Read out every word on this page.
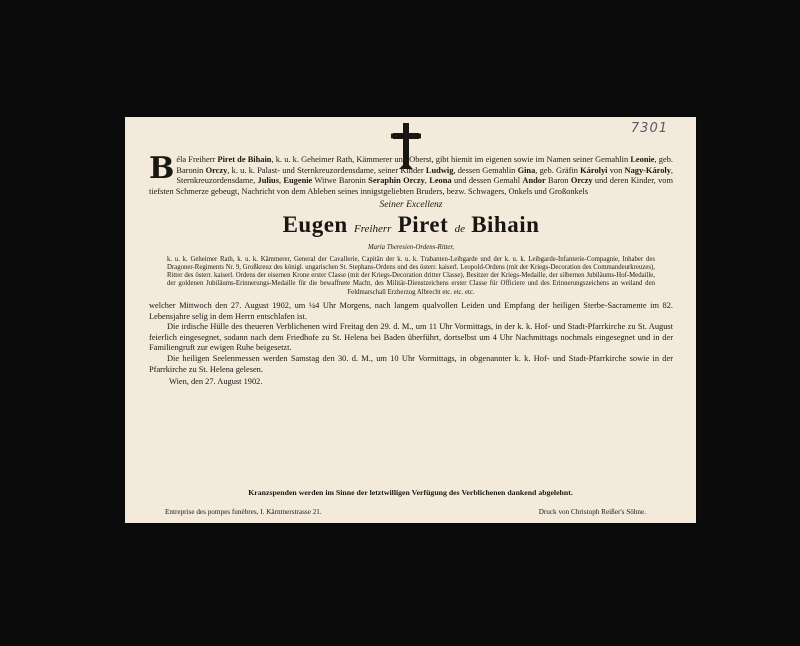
7301

B éla Freiherr Piret de Bihain, k. u. k. Geheimer Rath, Kämmerer und Oberst, gibt hiemit im eigenen sowie im Namen seiner Gemahlin Leonie, geb. Baronin Orczy, k. u. k. Palast- und Sternkreuzordensdame, seiner Kinder Ludwig, dessen Gemahlin Gina, geb. Gräfin Károlyi von Nagy-Károly, Sternkreuzordensdame, Julius, Eugenie Witwe Baronin Seraphin Orczy, Leona und dessen Gemahl Andor Baron Orczy und deren Kinder, vom tiefsten Schmerze gebeugt, Nachricht von dem Ableben seines innigstgeliebten Bruders, bezw. Schwagers, Onkels und Großonkels

Seiner Excellenz
Eugen Freiherr Piret de Bihain
Maria Theresien-Ordens-Ritter,
k. u. k. Geheimer Rath, k. u. k. Kämmerer, General der Cavallerie, Capitän der k. u. k. Trabanten-Leibgarde und der k. u. k. Leibgarde-Infanterie-Compagnie, Inhaber des Dragoner-Regiments Nr. 9, Großkreuz des königl. ungarischen St. Stephans-Ordens und des österr. kaiserl. Leopold-Ordens (mit der Kriegs-Decoration des Commandeurkreuzes), Ritter des österr. kaiserl. Ordens der eisernen Krone erster Classe (mit der Kriegs-Decoration dritter Classe), Besitzer der Kriegs-Medaille, der silbernen Jubiläums-Hof-Medaille, der goldenen Jubiläums-Erinnerungs-Medaille für die bewaffnete Macht, des Militär-Dienstzeichens erster Classe für Officiere und des Erinnerungszeichens an weiland den Feldmarschall Erzherzog Albrecht etc. etc. etc.

welcher Mittwoch den 27. August 1902, um ¼4 Uhr Morgens, nach langem qualvollen Leiden und Empfang der heiligen Sterbe-Sacramente im 82. Lebensjahre selig in dem Herrn entschlafen ist.

Die irdische Hülle des theueren Verblichenen wird Freitag den 29. d. M., um 11 Uhr Vormittags, in der k. k. Hof- und Stadt-Pfarrkirche zu St. August feierlich eingesegnet, sodann nach dem Friedhofe zu St. Helena bei Baden überführt, dortselbst um 4 Uhr Nachmittags nochmals eingesegnet und in der Familiengruft zur ewigen Ruhe beigesetzt.

Die heiligen Seelenmessen werden Samstag den 30. d. M., um 10 Uhr Vormittags, in obgenannter k. k. Hof- und Stadt-Pfarrkirche sowie in der Pfarrkirche zu St. Helena gelesen.

Wien, den 27. August 1902.
Kranzspenden werden im Sinne der letztwilligen Verfügung des Verblichenen dankend abgelehnt.
Entreprise des pompes funèbres, I. Kärntnerstrasse 21.	Druck von Christoph Reißer's Söhne.
